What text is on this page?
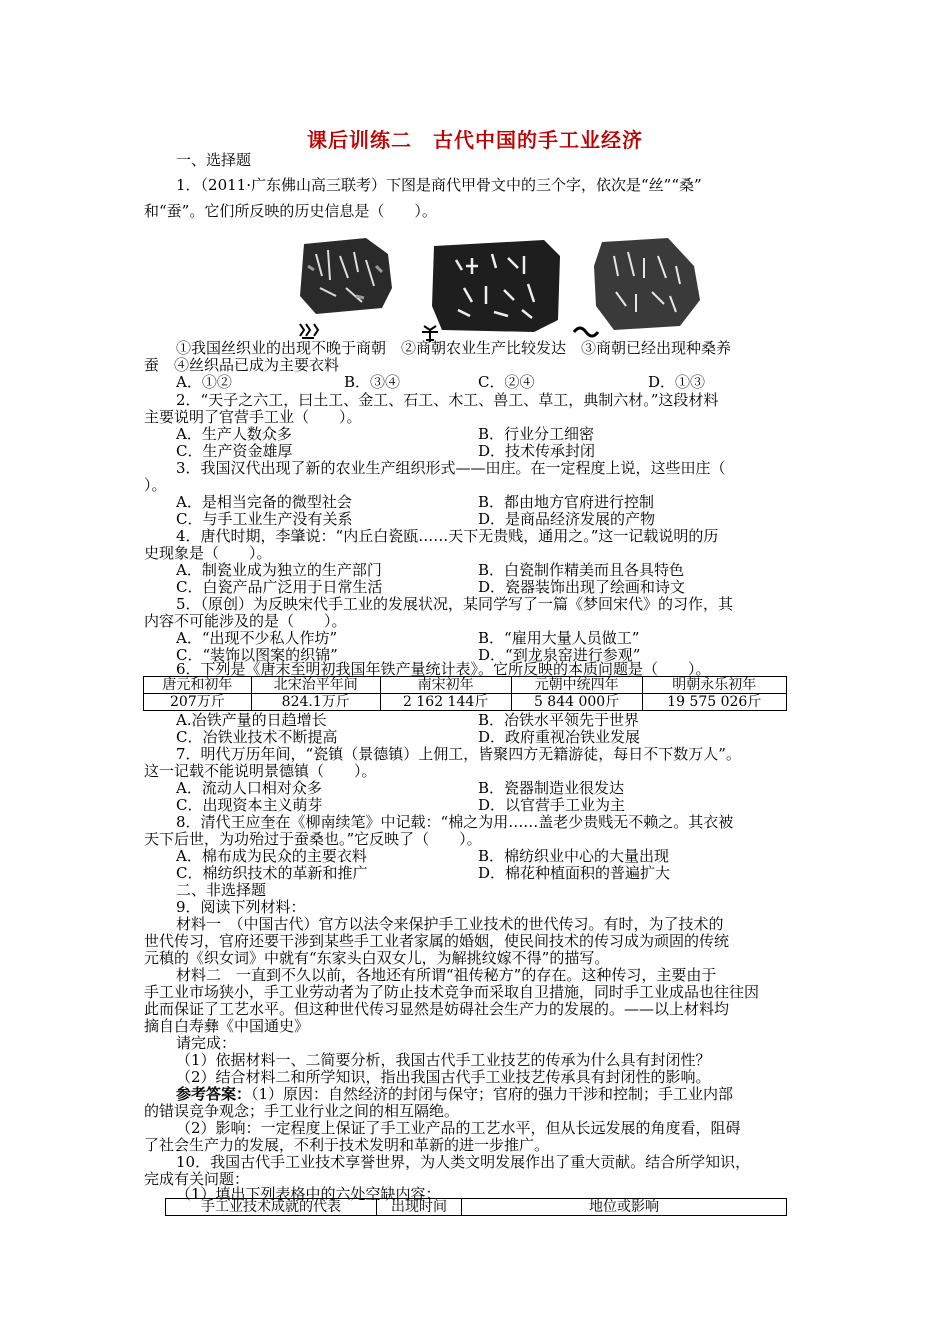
课后训练二　古代中国的手工业经济
一、选择题
1．（2011·广东佛山高三联考）下图是商代甲骨文中的三个字，依次是“丝”“桑”
和“蚕”。它们所反映的历史信息是（　　）。
①我国丝织业的出现不晚于商朝　②商朝农业生产比较发达　③商朝已经出现种桑养
蚕　④丝织品已成为主要衣料
A．①②	B．③④	C．②④	D．①③
2．“天子之六工，曰土工、金工、石工、木工、兽工、草工，典制六材。”这段材料
主要说明了官营手工业（　　）。
A．生产人数众多	B．行业分工细密
C．生产资金雄厚	D．技术传承封闭
3．我国汉代出现了新的农业生产组织形式——田庄。在一定程度上说，这些田庄（
）。
A．是相当完备的微型社会	B．都由地方官府进行控制
C．与手工业生产没有关系	D．是商品经济发展的产物
4．唐代时期，李肇说：“内丘白瓷瓯……天下无贵贱，通用之。”这一记载说明的历
史现象是（　　）。
A．制瓷业成为独立的生产部门	B．白瓷制作精美而且各具特色
C．白瓷产品广泛用于日常生活	D．瓷器装饰出现了绘画和诗文
5．（原创）为反映宋代手工业的发展状况，某同学写了一篇《梦回宋代》的习作，其
内容不可能涉及的是（　　）。
A．“出现不少私人作坊”	B．“雇用大量人员做工”
C．“装饰以图案的织锦”	D．“到龙泉窑进行参观”
6．下列是《唐末至明初我国年铁产量统计表》。它所反映的本质问题是（　　）。
唐元和初年	北宋治平年间	南宋初年	元朝中统四年	明朝永乐初年
207万斤	824.1万斤	2 162 144斤	5 844 000斤	19 575 026斤
A.冶铁产量的日趋增长	B．冶铁水平领先于世界
C．冶铁业技术不断提高	D．政府重视冶铁业发展
7．明代万历年间，“瓷镇（景德镇）上佣工，皆聚四方无籍游徒，每日不下数万人”。
这一记载不能说明景德镇（　　）。
A．流动人口相对众多	B．瓷器制造业很发达
C．出现资本主义萌芽	D．以官营手工业为主
8．清代王应奎在《柳南续笔》中记载：“棉之为用……盖老少贵贱无不赖之。其衣被
天下后世，为功殆过于蚕桑也。”它反映了（　　）。
A．棉布成为民众的主要衣料	B．棉纺织业中心的大量出现
C．棉纺织技术的革新和推广	D．棉花种植面积的普遍扩大
二、非选择题
9．阅读下列材料：
材料一　（中国古代）官方以法令来保护手工业技术的世代传习。有时，为了技术的
世代传习，官府还要干涉到某些手工业者家属的婚姻，使民间技术的传习成为顽固的传统
元稹的《织女词》中就有“东家头白双女儿，为解挑纹嫁不得”的描写。
材料二　一直到不久以前，各地还有所谓“祖传秘方”的存在。这种传习，主要由于
手工业市场狭小，手工业劳动者为了防止技术竞争而采取自卫措施，同时手工业成品也往往因
此而保证了工艺水平。但这种世代传习显然是妨碍社会生产力的发展的。——以上材料均
摘自白寿彝《中国通史》
请完成：
（1）依据材料一、二简要分析，我国古代手工业技艺的传承为什么具有封闭性？
（2）结合材料二和所学知识，指出我国古代手工业技艺传承具有封闭性的影响。
参考答案：（1）原因：自然经济的封闭与保守；官府的强力干涉和控制；手工业内部
的错误竞争观念；手工业行业之间的相互隔绝。
（2）影响：一定程度上保证了手工业产品的工艺水平，但从长远发展的角度看，阻碍
了社会生产力的发展，不利于技术发明和革新的进一步推广。
10．我国古代手工业技术享誉世界，为人类文明发展作出了重大贡献。结合所学知识，
完成有关问题：
（1）填出下列表格中的六处空缺内容：
手工业技术成就的代表	出现时间	地位或影响
